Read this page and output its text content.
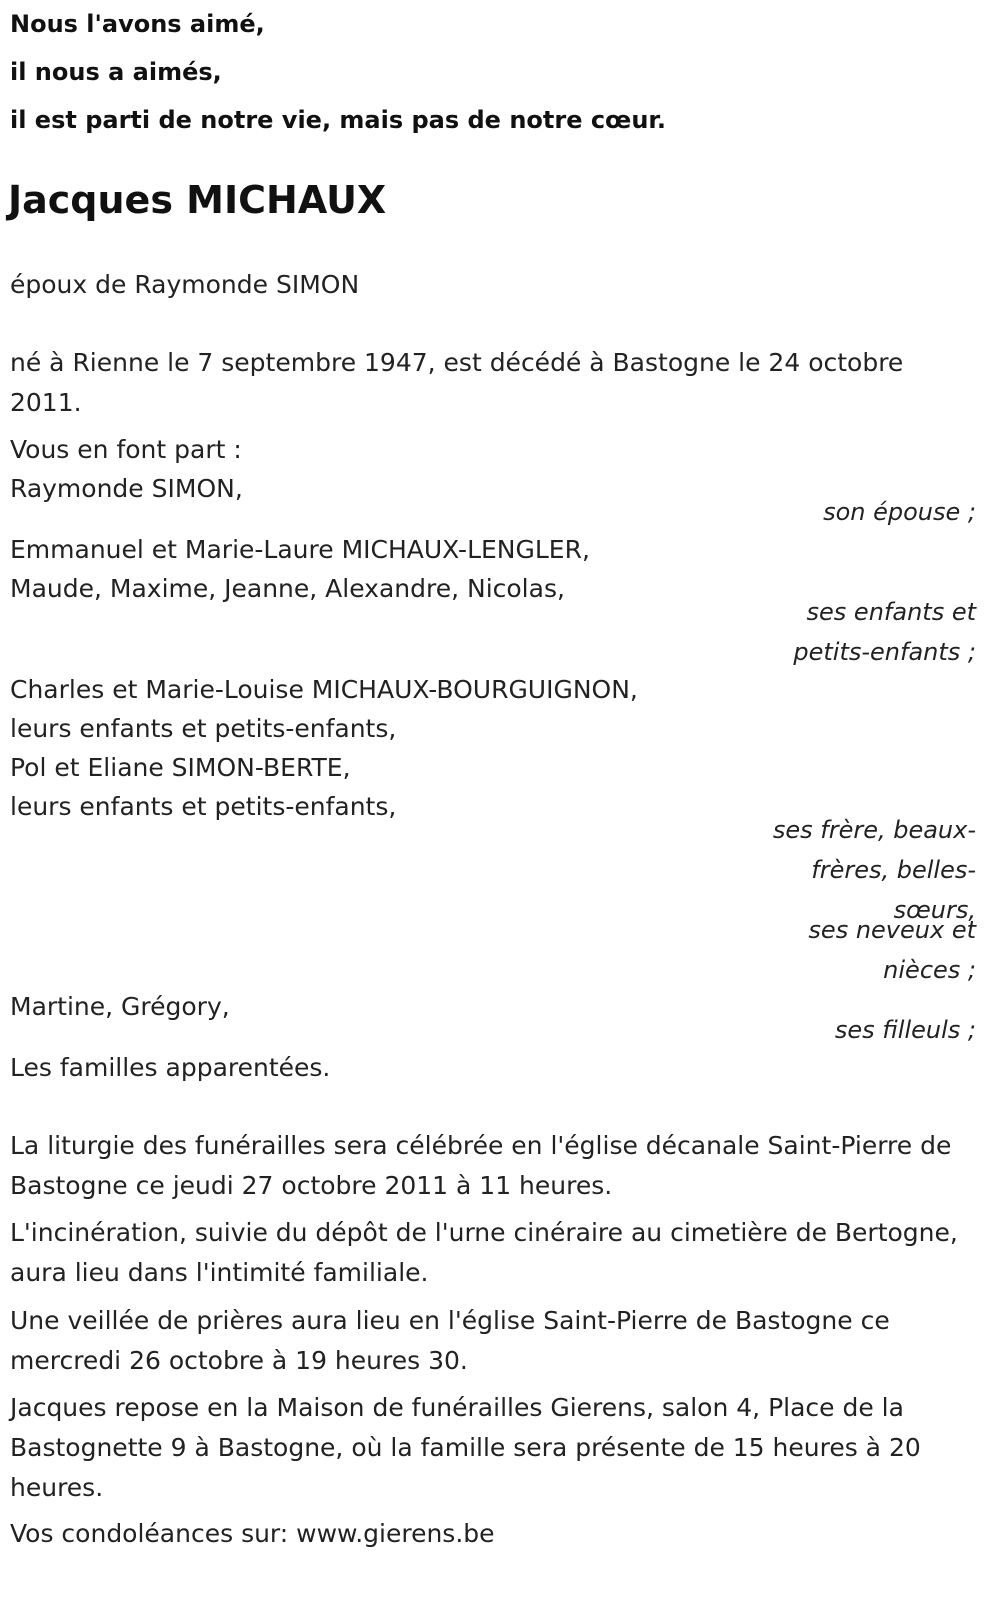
Nous l'avons aimé,
il nous a aimés,
il est parti de notre vie, mais pas de notre cœur.
Jacques MICHAUX
époux de Raymonde SIMON
né à Rienne le 7 septembre 1947, est décédé à Bastogne le 24 octobre 2011.
Vous en font part :
Raymonde SIMON,
son épouse ;
Emmanuel et Marie-Laure MICHAUX-LENGLER,
Maude, Maxime, Jeanne, Alexandre, Nicolas,
ses enfants et petits-enfants ;
Charles et Marie-Louise MICHAUX-BOURGUIGNON,
leurs enfants et petits-enfants,
Pol et Eliane SIMON-BERTE,
leurs enfants et petits-enfants,
ses frère, beaux-frères, belles-sœurs,
ses neveux et nièces ;
Martine, Grégory,
ses filleuls ;
Les familles apparentées.
La liturgie des funérailles sera célébrée en l'église décanale Saint-Pierre de Bastogne ce jeudi 27 octobre 2011 à 11 heures.
L'incinération, suivie du dépôt de l'urne cinéraire au cimetière de Bertogne, aura lieu dans l'intimité familiale.
Une veillée de prières aura lieu en l'église Saint-Pierre de Bastogne ce mercredi 26 octobre à 19 heures 30.
Jacques repose en la Maison de funérailles Gierens, salon 4, Place de la Bastognette 9 à Bastogne, où la famille sera présente de 15 heures à 20 heures.
Vos condoléances sur: www.gierens.be
